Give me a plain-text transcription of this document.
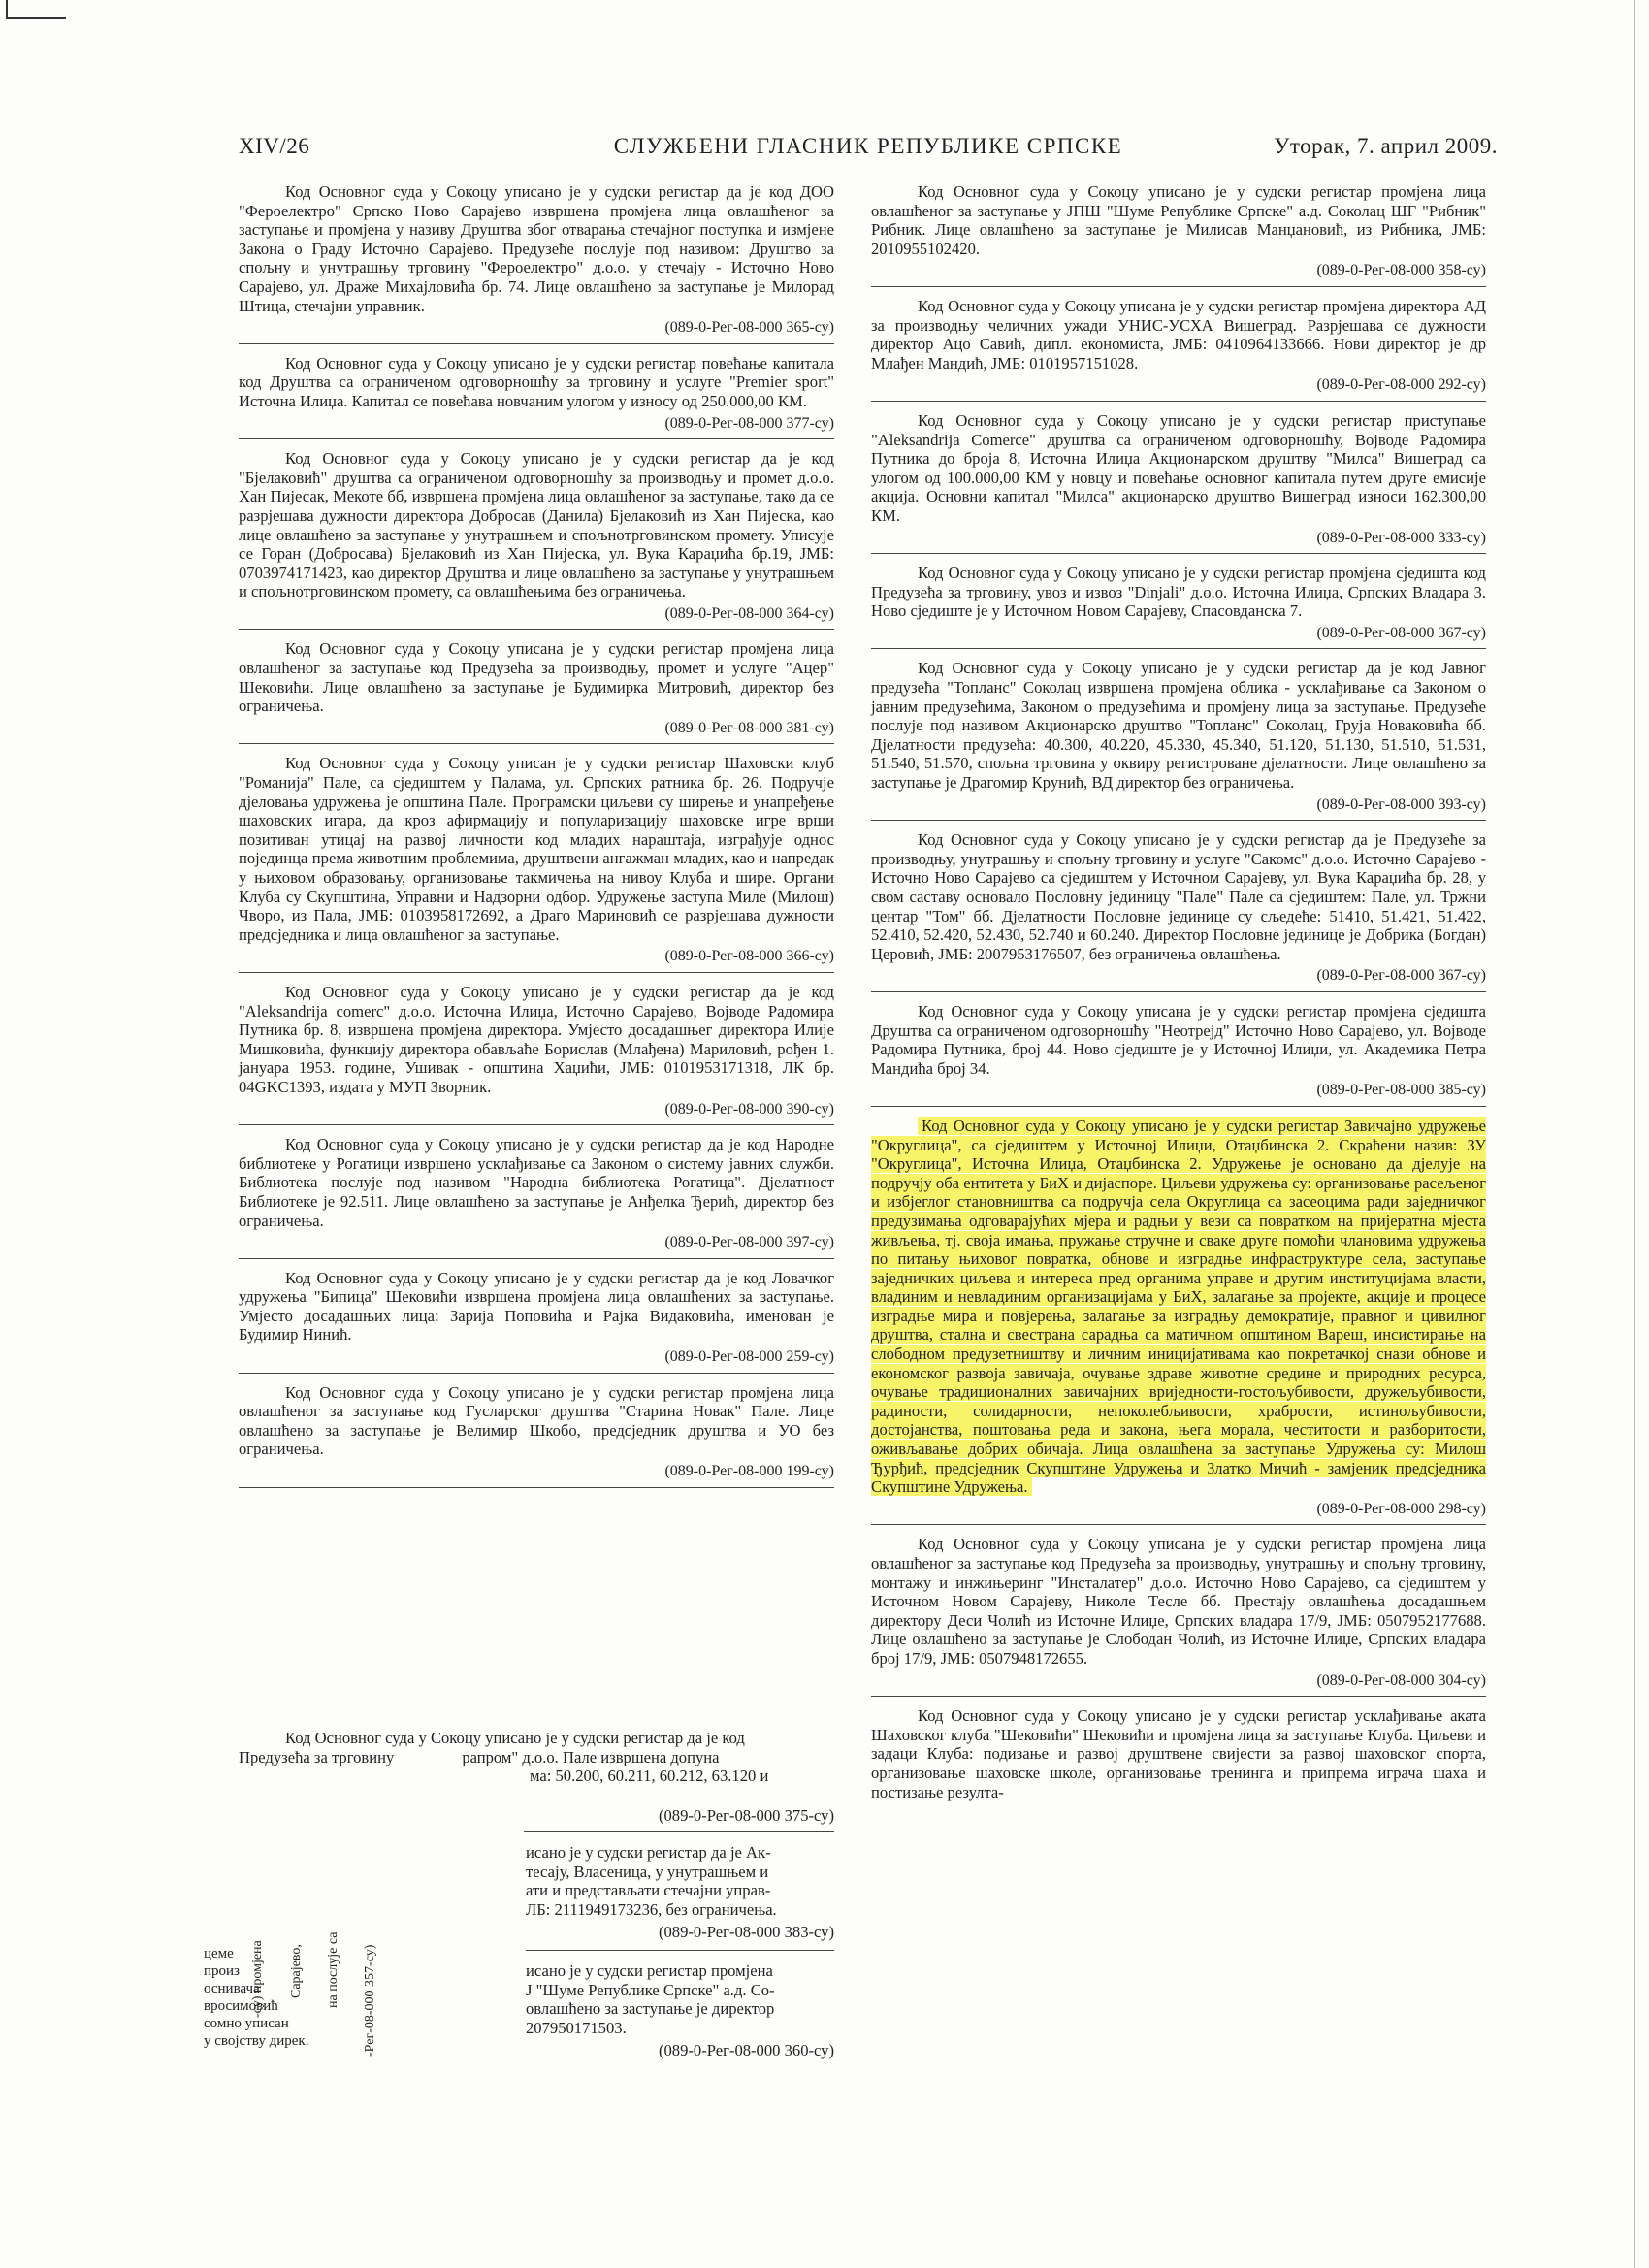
XIV/26	СЛУЖБЕНИ ГЛАСНИК РЕПУБЛИКЕ СРПСКЕ	Уторак, 7. април 2009.

Код Основног суда у Сокоцу уписано је у судски регистар да је код ДОО "Фероелектро" Српско Ново Сарајево извршена промјена лица овлашћеног за заступање и промјена у називу Друштва због отварања стечајног поступка и измјене Закона о Граду Источно Сарајево. Предузеће послује под називом: Друштво за спољну и унутрашњу трговину "Фероелектро" д.о.о. у стечају - Источно Ново Сарајево, ул. Драже Михајловића бр. 74. Лице овлашћено за заступање је Милорад Штица, стечајни управник.

(089-0-Рег-08-000 365-су)

Код Основног суда у Сокоцу уписано је у судски регистар повећање капитала код Друштва са ограниченом одговорношћу за трговину и услуге "Premier sport" Источна Илиџа. Капитал се повећава новчаним улогом у износу од 250.000,00 КМ.

(089-0-Рег-08-000 377-су)

Код Основног суда у Сокоцу уписано је у судски регистар да је код "Бјелаковић" друштва са ограниченом одговорношћу за производњу и промет д.о.о. Хан Пијесак, Мекоте бб, извршена промјена лица овлашћеног за заступање, тако да се разрјешава дужности директора Добросав (Данила) Бјелаковић из Хан Пијеска, као лице овлашћено за заступање у унутрашњем и спољнотрговинском промету. Уписује се Горан (Добросава) Бјелаковић из Хан Пијеска, ул. Вука Караџића бр.19, ЈМБ: 0703974171423, као директор Друштва и лице овлашћено за заступање у унутрашњем и спољнотрговинском промету, са овлашћењима без ограничења.

(089-0-Рег-08-000 364-су)

Код Основног суда у Сокоцу уписана је у судски регистар промјена лица овлашћеног за заступање код Предузећа за производњу, промет и услуге "Ацер" Шековићи. Лице овлашћено за заступање је Будимирка Митровић, директор без ограничења.

(089-0-Рег-08-000 381-су)

Код Основног суда у Сокоцу уписан је у судски регистар Шаховски клуб "Романија" Пале, са сједиштем у Палама, ул. Српских ратника бр. 26. Подручје дјеловања удружења је општина Пале. Програмски циљеви су ширење и унапређење шаховских игара, да кроз афирмацију и популаризацију шаховске игре врши позитиван утицај на развој личности код младих нараштаја, изграђује однос појединца према животним проблемима, друштвени ангажман младих, као и напредак у њиховом образовању, организовање такмичења на нивоу Клуба и шире. Органи Клуба су Скупштина, Управни и Надзорни одбор. Удружење заступа Миле (Милош) Чворо, из Пала, ЈМБ: 0103958172692, а Драго Мариновић се разрјешава дужности предсједника и лица овлашћеног за заступање.

(089-0-Рег-08-000 366-су)

Код Основног суда у Сокоцу уписано је у судски регистар да је код "Aleksandrija comerc" д.о.о. Источна Илиџа, Источно Сарајево, Војводе Радомира Путника бр. 8, извршена промјена директора. Умјесто досадашњег директора Илије Мишковића, функцију директора обављаће Борислав (Млађена) Мариловић, рођен 1. јануара 1953. године, Ушивак - општина Хаџићи, ЈМБ: 0101953171318, ЛК бр. 04GKC1393, издата у МУП Зворник.

(089-0-Рег-08-000 390-су)

Код Основног суда у Сокоцу уписано је у судски регистар да је код Народне библиотеке у Рогатици извршено усклађивање са Законом о систему јавних служби. Библиотека послује под називом "Народна библиотека Рогатица". Дјелатност Библиотеке је 92.511. Лице овлашћено за заступање је Анђелка Ђерић, директор без ограничења.

(089-0-Рег-08-000 397-су)

Код Основног суда у Сокоцу уписано је у судски регистар да је код Ловачког удружења "Бипица" Шековићи извршена промјена лица овлашћених за заступање. Умјесто досадашњих лица: Зарија Поповића и Рајка Видаковића, именован је Будимир Нинић.

(089-0-Рег-08-000 259-су)

Код Основног суда у Сокоцу уписано је у судски регистар промјена лица овлашћеног за заступање код Гусларског друштва "Старина Новак" Пале. Лице овлашћено за заступање је Велимир Шкобо, предсједник друштва и УО без ограничења.

(089-0-Рег-08-000 199-су)

Код Основног суда у Сокоцу уписано је у судски регистар промјена лица овлашћеног за заступање у ЈПШ "Шуме Републике Српске" а.д. Соколац ШГ "Рибник" Рибник. Лице овлашћено за заступање је Милисав Манџановић, из Рибника, ЈМБ: 2010955102420.

(089-0-Рег-08-000 358-су)

Код Основног суда у Сокоцу уписана је у судски регистар промјена директора АД за производњу челичних ужади УНИС-УСХА Вишеград. Разрјешава се дужности директор Ацо Савић, дипл. економиста, ЈМБ: 0410964133666. Нови директор је др Млађен Мандић, ЈМБ: 0101957151028.

(089-0-Рег-08-000 292-су)

Код Основног суда у Сокоцу уписано је у судски регистар приступање "Aleksandrija Comerce" друштва са ограниченом одговорношћу, Војводе Радомира Путника до броја 8, Источна Илиџа Акционарском друштву "Милса" Вишеград са улогом од 100.000,00 КМ у новцу и повећање основног капитала путем друге емисије акција. Основни капитал "Милса" акционарско друштво Вишеград износи 162.300,00 КМ.

(089-0-Рег-08-000 333-су)

Код Основног суда у Сокоцу уписано је у судски регистар промјена сједишта код Предузећа за трговину, увоз и извоз "Dinjali" д.о.о. Источна Илиџа, Српских Владара 3. Ново сједиште је у Источном Новом Сарајеву, Спасовданска 7.

(089-0-Рег-08-000 367-су)

Код Основног суда у Сокоцу уписано је у судски регистар да је код Јавног предузећа "Топланс" Соколац извршена промјена облика - усклађивање са Законом о јавним предузећима, Законом о предузећима и промјену лица за заступање. Предузеће послује под називом Акционарско друштво "Топланс" Соколац, Грујa Новаковића бб. Дјелатности предузећа: 40.300, 40.220, 45.330, 45.340, 51.120, 51.130, 51.510, 51.531, 51.540, 51.570, спољна трговина у оквиру регистроване дјелатности. Лице овлашћено за заступање је Драгомир Крунић, ВД директор без ограничења.

(089-0-Рег-08-000 393-су)

Код Основног суда у Сокоцу уписано је у судски регистар да је Предузеће за производњу, унутрашњу и спољну трговину и услуге "Сакомс" д.о.о. Источно Сарајево - Источно Ново Сарајево са сједиштем у Источном Сарајеву, ул. Вука Караџића бр. 28, у свом саставу основало Пословну јединицу "Пале" Пале са сједиштем: Пале, ул. Тржни центар "Том" бб. Дјелатности Пословне јединице су сљедеће: 51410, 51.421, 51.422, 52.410, 52.420, 52.430, 52.740 и 60.240. Директор Пословне јединице је Добрика (Богдан) Церовић, ЈМБ: 2007953176507, без ограничења овлашћења.

(089-0-Рег-08-000 367-су)

Код Основног суда у Сокоцу уписана је у судски регистар промјена сједишта Друштва са ограниченом одговорношћу "Неотрејд" Источно Ново Сарајево, ул. Војводе Радомира Путника, број 44. Ново сједиште је у Источној Илиџи, ул. Академика Петра Мандића број 34.

(089-0-Рег-08-000 385-су)

Код Основног суда у Сокоцу уписано је у судски регистар Завичајно удружење "Округлица", са сједиштем у Источној Илиџи, Отаџбинска 2. Скраћени назив: ЗУ "Округлица", Источна Илиџа, Отаџбинска 2. Удружење је основано да дјелује на подручју оба ентитета у БиХ и дијаспоре. Циљеви удружења су: организовање расељеног и избјеглог становништва са подручја села Округлица са засеоцима ради заједничког предузимања одговарајућих мјера и радњи у вези са повратком на пријератна мјеста живљења, тј. своја имања, пружање стручне и сваке друге помоћи члановима удружења по питању њиховог повратка, обнове и изградње инфраструктуре села, заступање заједничких циљева и интереса пред органима управе и другим институцијама власти, владиним и невладиним организацијама у БиХ, залагање за пројекте, акције и процесе изградње мира и повјерења, залагање за изградњу демократије, правног и цивилног друштва, стална и свестрана сарадња са матичном општином Вареш, инсистирање на слободном предузетништву и личним иницијативама као покретачкој снази обнове и економског развоја завичаја, очување здраве животне средине и природних ресурса, очување традиционалних завичајних вриједности-гостољубивости, дружељубивости, радиности, солидарности, непоколебљивости, храбрости, истинољубивости, достојанства, поштовања реда и закона, њега морала, честитости и разборитости, оживљавање добрих обичаја. Лица овлашћена за заступање Удружења су: Милош Ђурђић, предсједник Скупштине Удружења и Златко Мичић - замјеник предсједника Скупштине Удружења.

(089-0-Рег-08-000 298-су)

Код Основног суда у Сокоцу уписана је у судски регистар промјена лица овлашћеног за заступање код Предузећа за производњу, унутрашњу и спољну трговину, монтажу и инжињеринг "Инсталатер" д.о.о. Источно Ново Сарајево, са сједиштем у Источном Новом Сарајеву, Николе Тесле бб. Престају овлашћења досадашњем директору Деси Чолић из Источне Илиџе, Српских владара 17/9, ЈМБ: 0507952177688. Лице овлашћено за заступање је Слободан Чолић, из Источне Илиџе, Српских владара број 17/9, ЈМБ: 0507948172655.

(089-0-Рег-08-000 304-су)

Код Основног суда у Сокоцу уписано је у судски регистар усклађивање аката Шаховског клуба "Шековићи" Шековићи и промјена лица за заступање Клуба. Циљеви и задаци Клуба: подизање и развој друштвене свијести за развој шаховског спорта, организовање шаховске школе, организовање тренинга и припрема играча шаха и постизање резулта-

Код Основног суда у Сокоцу уписано је у судски регистар да је код
Предузећа за трговину	рапром" д.о.о. Пале извршена допуна
ма: 50.200, 60.211, 60.212, 63.120 и
(089-0-Рег-08-000 375-су)
исано је у судски регистар да је Ак-
тесају, Власеница, у унутрашњем и
ати и представљати стечајни управ-
ЛБ: 2111949173236, без ограничења.
(089-0-Рег-08-000 383-су)
исано је у судски регистар промјена
Ј "Шуме Републике Српске" а.д. Со-
овлашћено за заступање је директор
207950171503.
(089-0-Рег-08-000 360-су)
цеме
произ
оснивача
вросимовић
сомно уписан
у својству дирек.
-су) промјена Сарајево, на послује са -Рег-08-000 357-су)
